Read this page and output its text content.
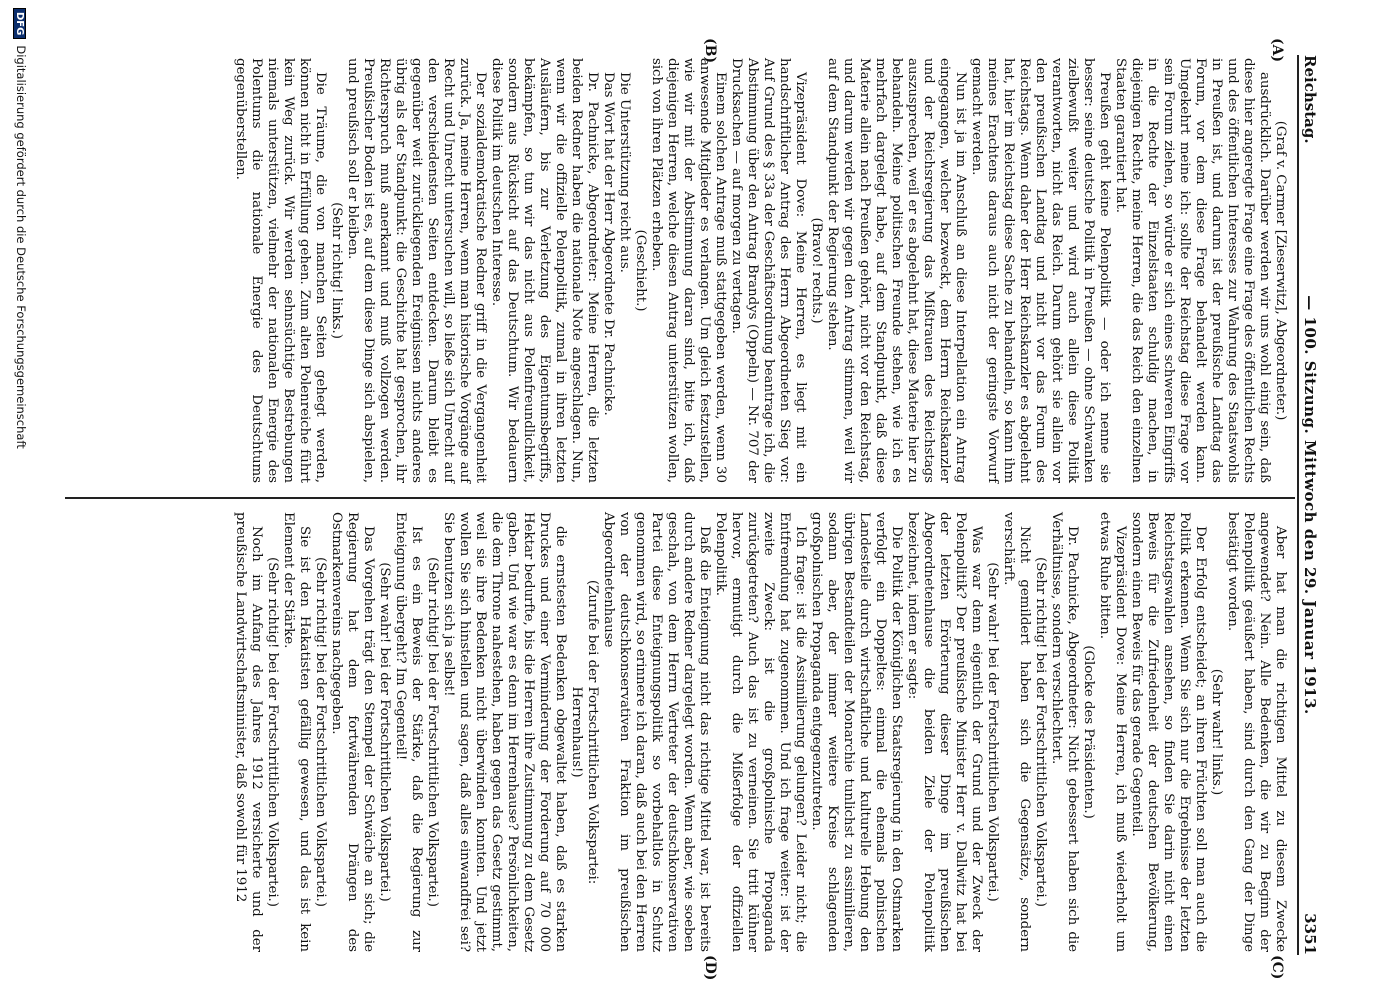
Reichstag.
— 100. Sitzung. Mittwoch den 29. Januar 1913.
3351
(A)
(B)
(C)
(D)

(Graf v. Carmer [Zieserwitz], Abgeordneter.)

ausdrücklich. Darüber werden wir uns wohl einig sein, daß diese hier angeregte Frage eine Frage des öffentlichen Rechts und des öffentlichen Interesses zur Wahrung des Staatswohls in Preußen ist, und darum ist der preußische Landtag das Forum, vor dem diese Frage behandelt werden kann. Umgekehrt meine ich: sollte der Reichstag diese Frage vor sein Forum ziehen, so würde er sich eines schweren Eingriffs in die Rechte der Einzelstaaten schuldig machen, in diejenigen Rechte, meine Herren, die das Reich den einzelnen Staaten garantiert hat.

Preußen geht keine Polenpolitik — oder ich nenne sie besser: seine deutsche Politik in Preußen — ohne Schwanken zielbewußt weiter und wird auch allein diese Politik verantworten, nicht das Reich. Darum gehört sie allein vor den preußischen Landtag und nicht vor das Forum des Reichstags. Wenn daher der Herr Reichskanzler es abgelehnt hat, hier im Reichstag diese Sache zu behandeln, so kann ihm meines Erachtens daraus auch nicht der geringste Vorwurf gemacht werden.

Nun ist ja im Anschluß an diese Interpellation ein Antrag eingegangen, welcher bezweckt, dem Herrn Reichskanzler und der Reichsregierung das Mißtrauen des Reichstags auszusprechen, weil er es abgelehnt hat, diese Materie hier zu behandeln. Meine politischen Freunde stehen, wie ich es mehrfach dargelegt habe, auf dem Standpunkt, daß diese Materie allein nach Preußen gehört, nicht vor den Reichstag, und darum werden wir gegen den Antrag stimmen, weil wir auf dem Standpunkt der Regierung stehen.

(Bravo! rechts.)

Vizepräsident Dove: Meine Herren, es liegt mit ein handschriftlicher Antrag des Herrn Abgeordneten Sieg vor: Auf Grund des § 33a der Geschäftsordnung beantrage ich, die Abstimmung über den Antrag Brandys (Oppeln) — Nr. 707 der Drucksachen — auf morgen zu vertagen.

Einem solchen Antrage muß stattgegeben werden, wenn 30 anwesende Mitglieder es verlangen. Um gleich festzustellen, wie wir mit der Abstimmung daran sind, bitte ich, daß diejenigen Herren, welche diesen Antrag unterstützen wollen, sich von ihren Plätzen erheben.

(Geschieht.)

Die Unterstützung reicht aus.

Das Wort hat der Herr Abgeordnete Dr. Pachnicke.

Dr. Pachnicke, Abgeordneter: Meine Herren, die letzten beiden Redner haben die nationale Note angeschlagen. Nun, wenn wir die offizielle Polenpolitik, zumal in ihren letzten Ausläufern, bis zur Verletzung des Eigentumsbegriffs, bekämpfen, so tun wir das nicht aus Polenfreundlichkeit, sondern aus Rücksicht auf das Deutschtum. Wir bedauern diese Politik im deutschen Interesse.

Der sozialdemokratische Redner griff in die Vergangenheit zurück. Ja, meine Herren, wenn man historische Vorgänge auf Recht und Unrecht untersuchen will, so ließe sich Unrecht auf den verschiedensten Seiten entdecken. Darum bleibt es gegenüber weit zurückliegenden Ereignissen nichts anderes übrig als der Standpunkt: die Geschichte hat gesprochen, ihr Richterspruch muß anerkannt und muß vollzogen werden. Preußischer Boden ist es, auf dem diese Dinge sich abspielen, und preußisch soll er bleiben.

(Sehr richtig! links.)

Die Träume, die von manchen Seiten gehegt werden, können nicht in Erfüllung gehen. Zum alten Polenreiche führt kein Weg zurück. Wir werden sehnsüchtige Bestrebungen niemals unterstützen, vielmehr der nationalen Energie des Polentums die nationale Energie des Deutschtums gegenüberstellen.

Aber hat man die richtigen Mittel zu diesem Zwecke angewendet? Nein. Alle Bedenken, die wir zu Beginn der Polenpolitik geäußert haben, sind durch den Gang der Dinge bestätigt worden.

(Sehr wahr! links.)

Der Erfolg entscheidet; an ihren Früchten soll man auch die Politik erkennen. Wenn Sie sich nur die Ergebnisse der letzten Reichstagswahlen ansehen, so finden Sie darin nicht einen Beweis für die Zufriedenheit der deutschen Bevölkerung, sondern einen Beweis für das gerade Gegenteil.

Vizepräsident Dove: Meine Herren, ich muß wiederholt um etwas Ruhe bitten.

(Glocke des Präsidenten.)

Dr. Pachnicke, Abgeordneter: Nicht gebessert haben sich die Verhältnisse, sondern verschlechtert.

(Sehr richtig! bei der Fortschrittlichen Volkspartei.)

Nicht gemildert haben sich die Gegensätze, sondern verschärft.

(Sehr wahr! bei der Fortschrittlichen Volkspartei.)

Was war denn eigentlich der Grund und der Zweck der Polenpolitik? Der preußische Minister Herr v. Dallwitz hat bei der letzten Erörterung dieser Dinge im preußischen Abgeordnetenhause die beiden Ziele der Polenpolitik bezeichnet, indem er sagte:

Die Politik der Königlichen Staatsregierung in den Ostmarken verfolgt ein Doppeltes: einmal die ehemals polnischen Landesteile durch wirtschaftliche und kulturelle Hebung den übrigen Bestandteilen der Monarchie tunlichst zu assimilieren, sodann aber, der immer weitere Kreise schlagenden großpolnischen Propaganda entgegenzutreten.

Ich frage: ist die Assimilierung gelungen? Leider nicht; die Entfremdung hat zugenommen. Und ich frage weiter: ist der zweite Zweck: ist die großpolnische Propaganda zurückgetreten? Auch das ist zu verneinen. Sie tritt kühner hervor, ermutigt durch die Mißerfolge der offiziellen Polenpolitik.

Daß die Enteignung nicht das richtige Mittel war, ist bereits durch andere Redner dargelegt worden. Wenn aber, wie soeben geschah, von dem Herrn Vertreter der deutschkonservativen Partei diese Enteignungspolitik so vorbehaltlos in Schutz genommen wird, so erinnere ich daran, daß auch bei den Herren von der deutschkonservativen Fraktion im preußischen Abgeordnetenhause

(Zurufe bei der Fortschrittlichen Volkspartei:

Herrenhaus!)

die ernstesten Bedenken obgewaltet haben, daß es starken Druckes und einer Verminderung der Forderung auf 70 000 Hektar bedurfte, bis die Herren ihre Zustimmung zu dem Gesetz gaben. Und wie war es denn im Herrenhause? Persönlichkeiten, die dem Throne nahestehen, haben gegen das Gesetz gestimmt, weil sie ihre Bedenken nicht überwinden konnten. Und jetzt wollen Sie sich hinstellen und sagen, daß alles einwandfrei sei? Sie benutzen sich ja selbst!

(Sehr richtig! bei der Fortschrittlichen Volkspartei.)

Ist es ein Beweis der Stärke, daß die Regierung zur Enteignung übergeht? Im Gegenteil!

(Sehr wahr! bei der Fortschrittlichen Volkspartei.)

Das Vorgehen trägt den Stempel der Schwäche an sich; die Regierung hat dem fortwährenden Drängen des Ostmarkenvereins nachgegeben.

(Sehr richtig! bei der Fortschrittlichen Volkspartei.)

Sie ist den Hakatisten gefällig gewesen, und das ist kein Element der Stärke.

(Sehr richtig! bei der Fortschrittlichen Volkspartei.)

Noch im Anfang des Jahres 1912 versicherte und der preußische Landwirtschaftsminister, daß sowohl für 1912

DFGDigitalisierung gefördert durch die Deutsche Forschungsgemeinschaft
